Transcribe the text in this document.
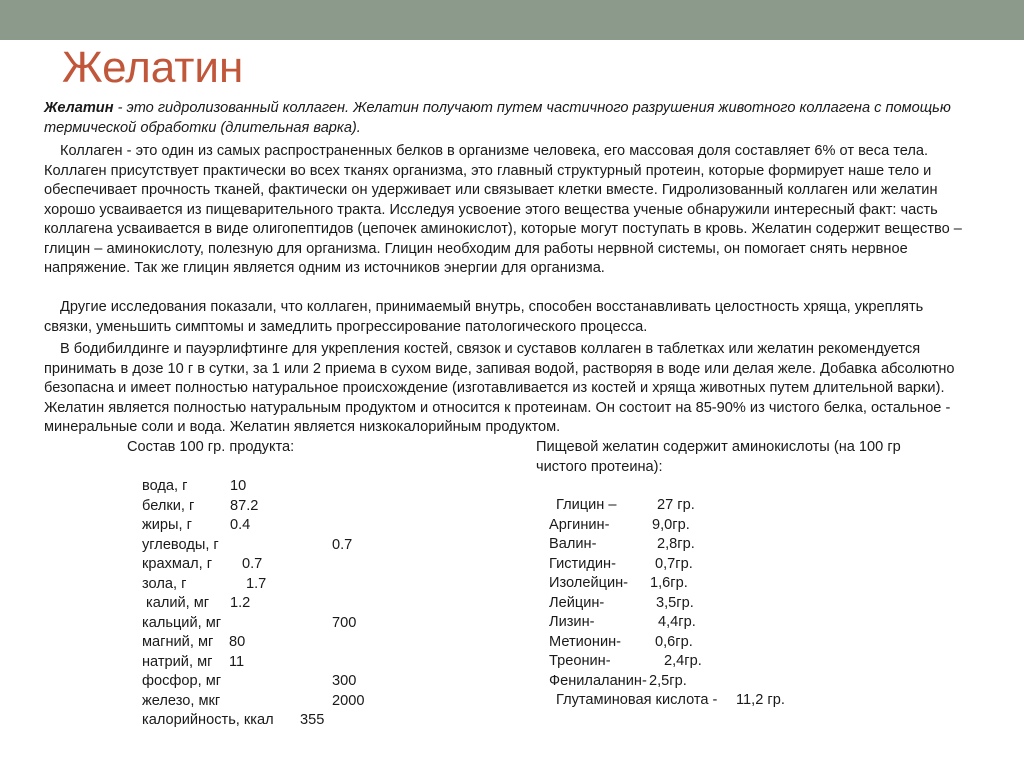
Желатин

Желатин - это гидролизованный коллаген. Желатин получают путем частичного разрушения животного коллагена с помощью термической обработки (длительная варка).

Коллаген - это один из самых распространенных белков в организме человека, его массовая доля составляет 6% от веса тела. Коллаген присутствует практически во всех тканях организма, это главный структурный протеин, которые формирует наше тело и обеспечивает прочность тканей, фактически он удерживает или связывает клетки вместе. Гидролизованный коллаген или желатин хорошо усваивается из пищеварительного тракта. Исследуя усвоение этого вещества ученые обнаружили интересный факт: часть коллагена усваивается в виде олигопептидов (цепочек аминокислот), которые могут поступать в кровь. Желатин содержит вещество – глицин – аминокислоту, полезную для организма. Глицин необходим для работы нервной системы, он помогает снять нервное напряжение. Так же глицин является одним из источников энергии для организма.

Другие исследования показали, что коллаген, принимаемый внутрь, способен восстанавливать целостность хряща, укреплять связки, уменьшить симптомы и замедлить прогрессирование патологического процесса.

В бодибилдинге и пауэрлифтинге для укрепления костей, связок и суставов коллаген в таблетках или желатин рекомендуется принимать в дозе 10 г в сутки, за 1 или 2 приема в сухом виде, запивая водой, растворяя в воде или делая желе. Добавка абсолютно безопасна и имеет полностью натуральное происхождение (изготавливается из костей и хряща животных путем длительной варки). Желатин является полностью натуральным продуктом и относится к протеинам. Он состоит на 85-90% из чистого белка, остальное - минеральные соли и вода. Желатин является низкокалорийным продуктом.

Состав 100 гр. продукта:	Пищевой желатин содержит аминокислоты (на 100 гр чистого протеина):
вода, г	10
белки, г 87.2
жиры, г	0.4
углеводы, г	0.7
крахмал, г 0.7
зола, г	1.7
калий, мг 1.2
кальций, мг	700
магний, мг 80
натрий, мг 11
фосфор, мг	300
железо, мкг	2000
калорийность, ккал 355
Глицин –	27 гр.
Аргинин-	9,0гр.
Валин-	2,8гр.
Гистидин-	0,7гр.
Изолейцин- 1,6гр.
Лейцин-	3,5гр.
Лизин-	4,4гр.
Метионин- 0,6гр.
Треонин-	2,4гр.
Фенилаланин- 2,5гр.
Глутаминовая кислота - 11,2 гр.
